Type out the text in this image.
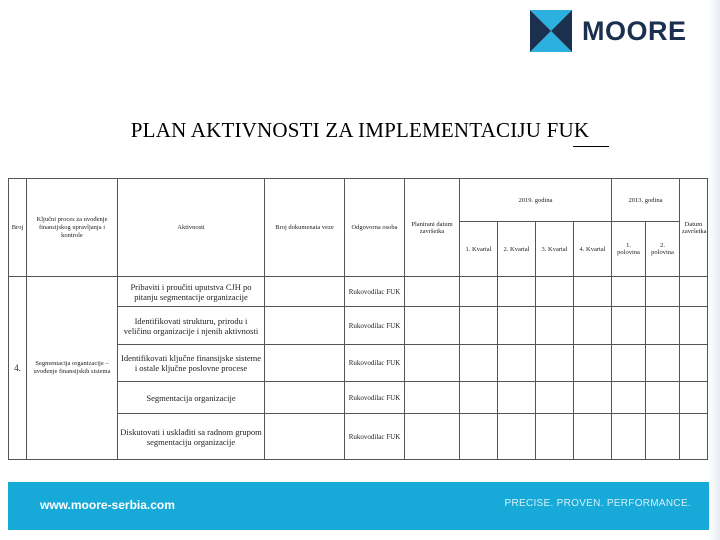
MOORE
PLAN AKTIVNOSTI ZA IMPLEMENTACIJU FUK
Broj	Ključni proces za uvođenje finansijskog upravljanja i kontrole	Aktivnosti	Broj dokumenata veze	Odgovorna osoba	Planirani datum završetka	2019. godina				2013. godina		Datum završetka
						1. Kvartal	2. Kvartal	3. Kvartal	4. Kvartal	1. polovina	2. polovina	
4.	Segmentacija organizacije – uvođenje finansijskih sistema	Pribaviti i proučiti uputstva CJH po pitanju segmentacije organizacije		Rukovodilac FUK								
		Identifikovati strukturu, prirodu i veličinu organizacije i njenih aktivnosti		Rukovodilac FUK								
		Identifikovati ključne finansijske sisteme i ostale ključne poslovne procese		Rukovodilac FUK								
		Segmentacija organizacije		Rukovodilac FUK								
		Diskutovati i usklađiti sa radnom grupom segmentaciju organizacije		Rukovodilac FUK								
www.moore-serbia.com	PRECISE. PROVEN. PERFORMANCE.
